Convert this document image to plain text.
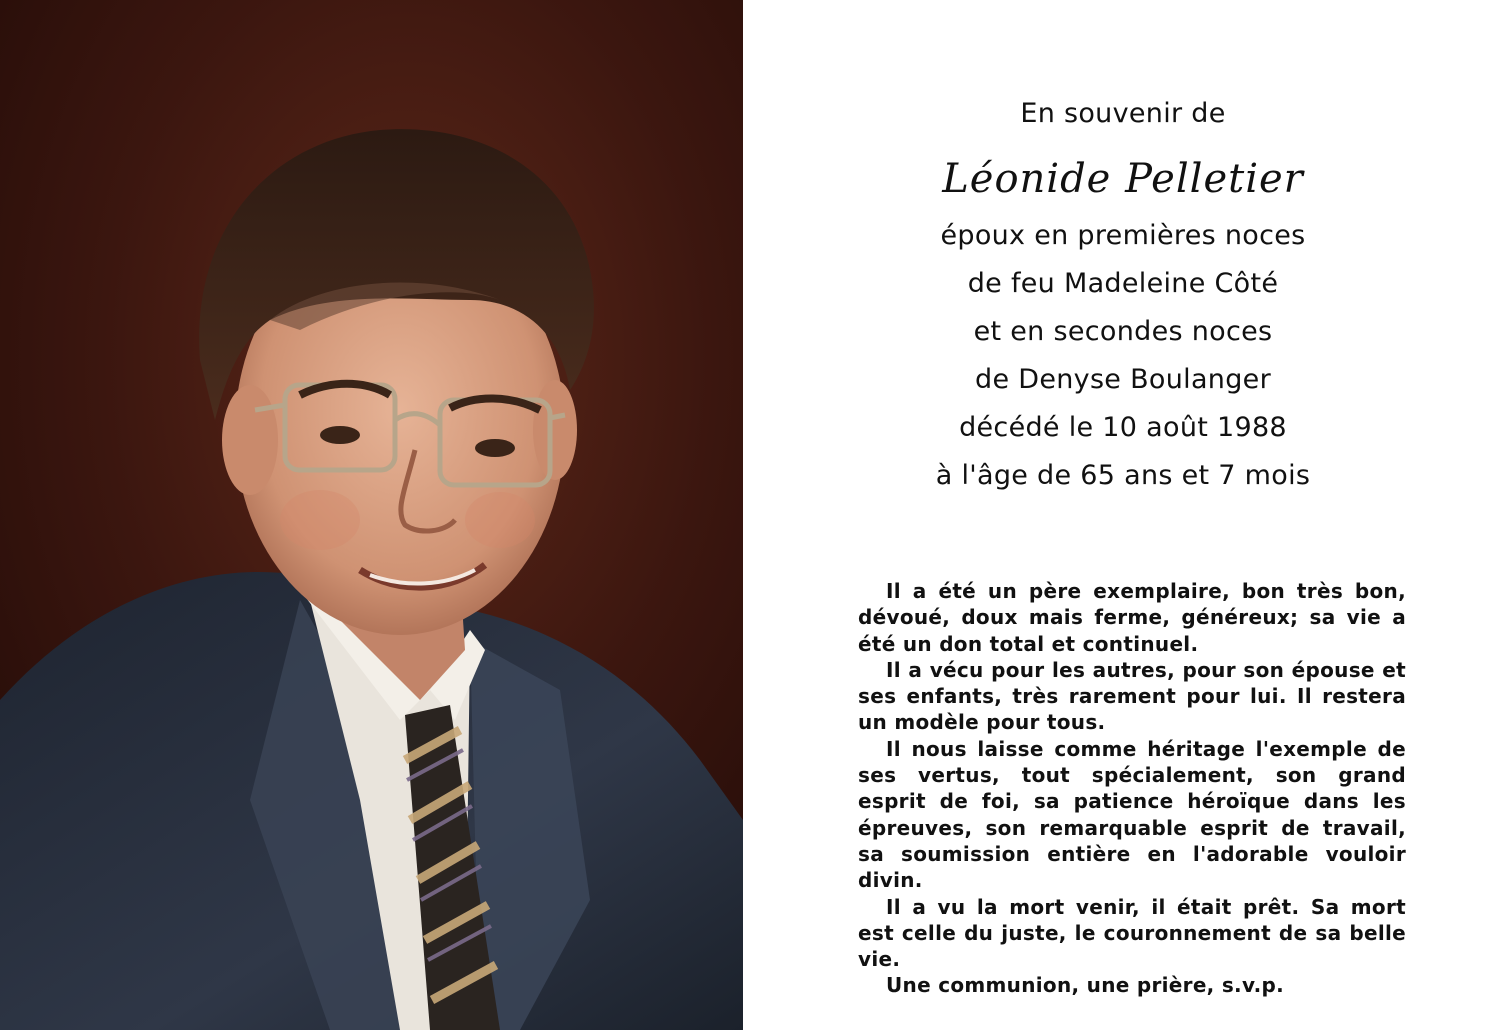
En souvenir de
Léonide Pelletier
époux en premières noces
de feu Madeleine Côté
et en secondes noces
de Denyse Boulanger
décédé le 10 août 1988
à l'âge de 65 ans et 7 mois

Il a été un père exemplaire, bon très bon, dévoué, doux mais ferme, généreux; sa vie a été un don total et continuel.

Il a vécu pour les autres, pour son épouse et ses enfants, très rarement pour lui. Il restera un modèle pour tous.

Il nous laisse comme héritage l'exemple de ses vertus, tout spécialement, son grand esprit de foi, sa patience héroïque dans les épreuves, son remarquable esprit de travail, sa soumission entière en l'adorable vouloir divin.

Il a vu la mort venir, il était prêt. Sa mort est celle du juste, le couronnement de sa belle vie.

Une communion, une prière, s.v.p.
